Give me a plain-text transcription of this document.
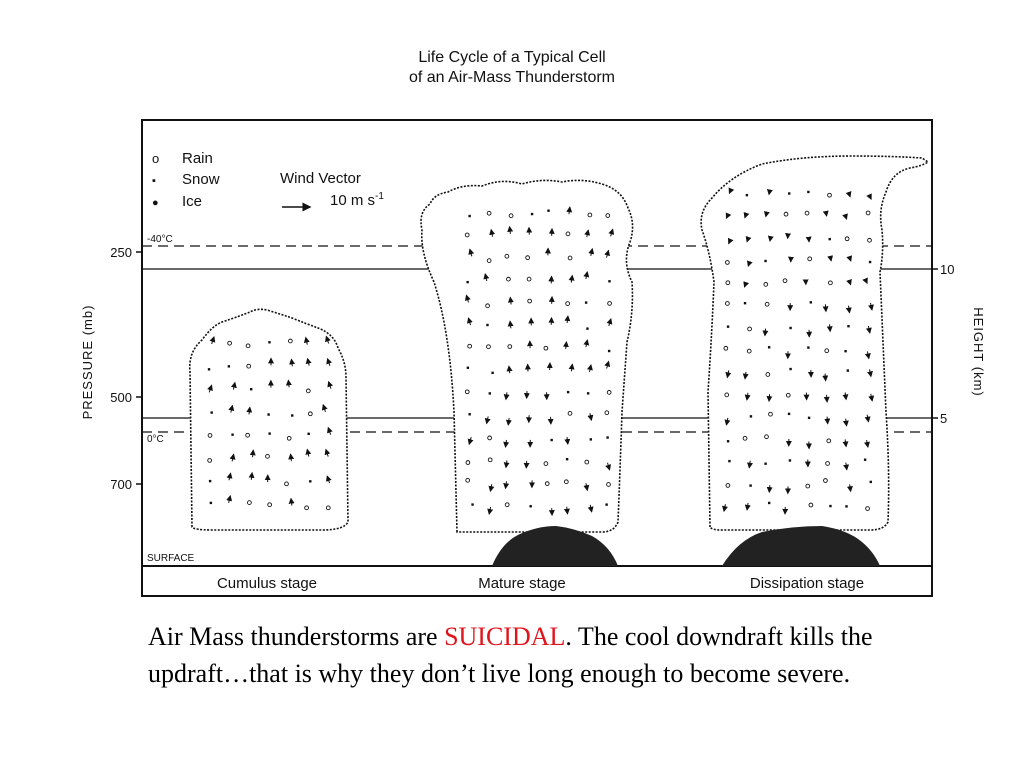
Life Cycle of a Typical Cell
of an Air-Mass Thunderstorm
250
500
700
PRESSURE (mb)
10
5
HEIGHT (km)
-40°C
0°C
SURFACE
o Rain
▪ Snow
● Ice
Wind Vector
10 m $s^{-1}$
Cumulus stage	Mature stage	Dissipation stage
Air Mass thunderstorms are SUICIDAL. The cool downdraft kills the updraft…that is why they don’t live long enough to become severe.
